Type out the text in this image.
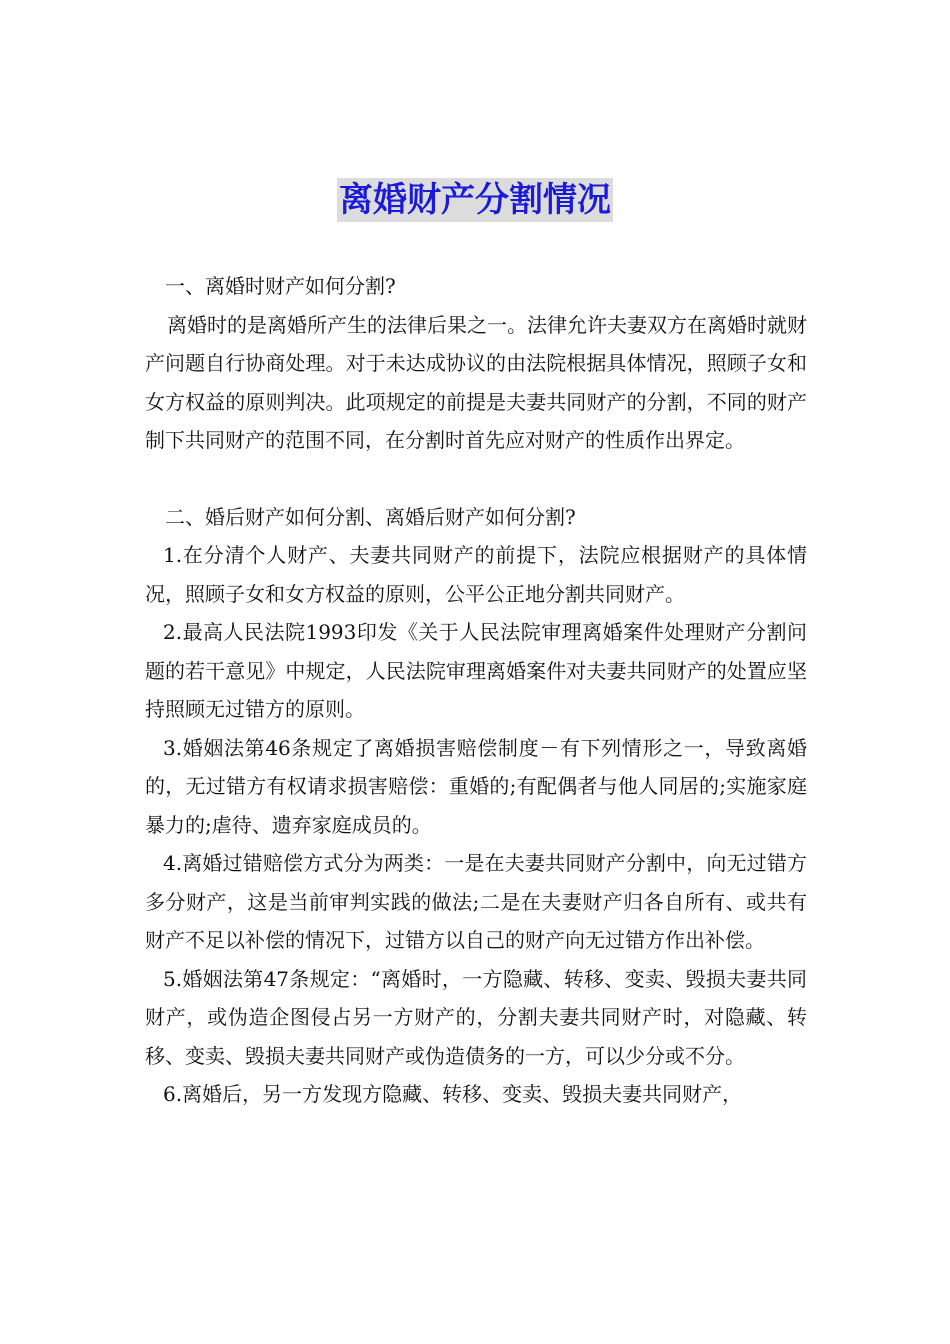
离婚财产分割情况

一、离婚时财产如何分割?

离婚时的是离婚所产生的法律后果之一。法律允许夫妻双方在离婚时就财产问题自行协商处理。对于未达成协议的由法院根据具体情况，照顾子女和女方权益的原则判决。此项规定的前提是夫妻共同财产的分割，不同的财产制下共同财产的范围不同，在分割时首先应对财产的性质作出界定。

二、婚后财产如何分割、离婚后财产如何分割?

1.在分清个人财产、夫妻共同财产的前提下，法院应根据财产的具体情况，照顾子女和女方权益的原则，公平公正地分割共同财产。

2.最高人民法院1993印发《关于人民法院审理离婚案件处理财产分割问题的若干意见》中规定，人民法院审理离婚案件对夫妻共同财产的处置应坚持照顾无过错方的原则。

3.婚姻法第46条规定了离婚损害赔偿制度－有下列情形之一，导致离婚的，无过错方有权请求损害赔偿：重婚的;有配偶者与他人同居的;实施家庭暴力的;虐待、遗弃家庭成员的。

4.离婚过错赔偿方式分为两类：一是在夫妻共同财产分割中，向无过错方多分财产，这是当前审判实践的做法;二是在夫妻财产归各自所有、或共有财产不足以补偿的情况下，过错方以自己的财产向无过错方作出补偿。

5.婚姻法第47条规定：“离婚时，一方隐藏、转移、变卖、毁损夫妻共同财产，或伪造企图侵占另一方财产的，分割夫妻共同财产时，对隐藏、转移、变卖、毁损夫妻共同财产或伪造债务的一方，可以少分或不分。

6.离婚后，另一方发现方隐藏、转移、变卖、毁损夫妻共同财产，
